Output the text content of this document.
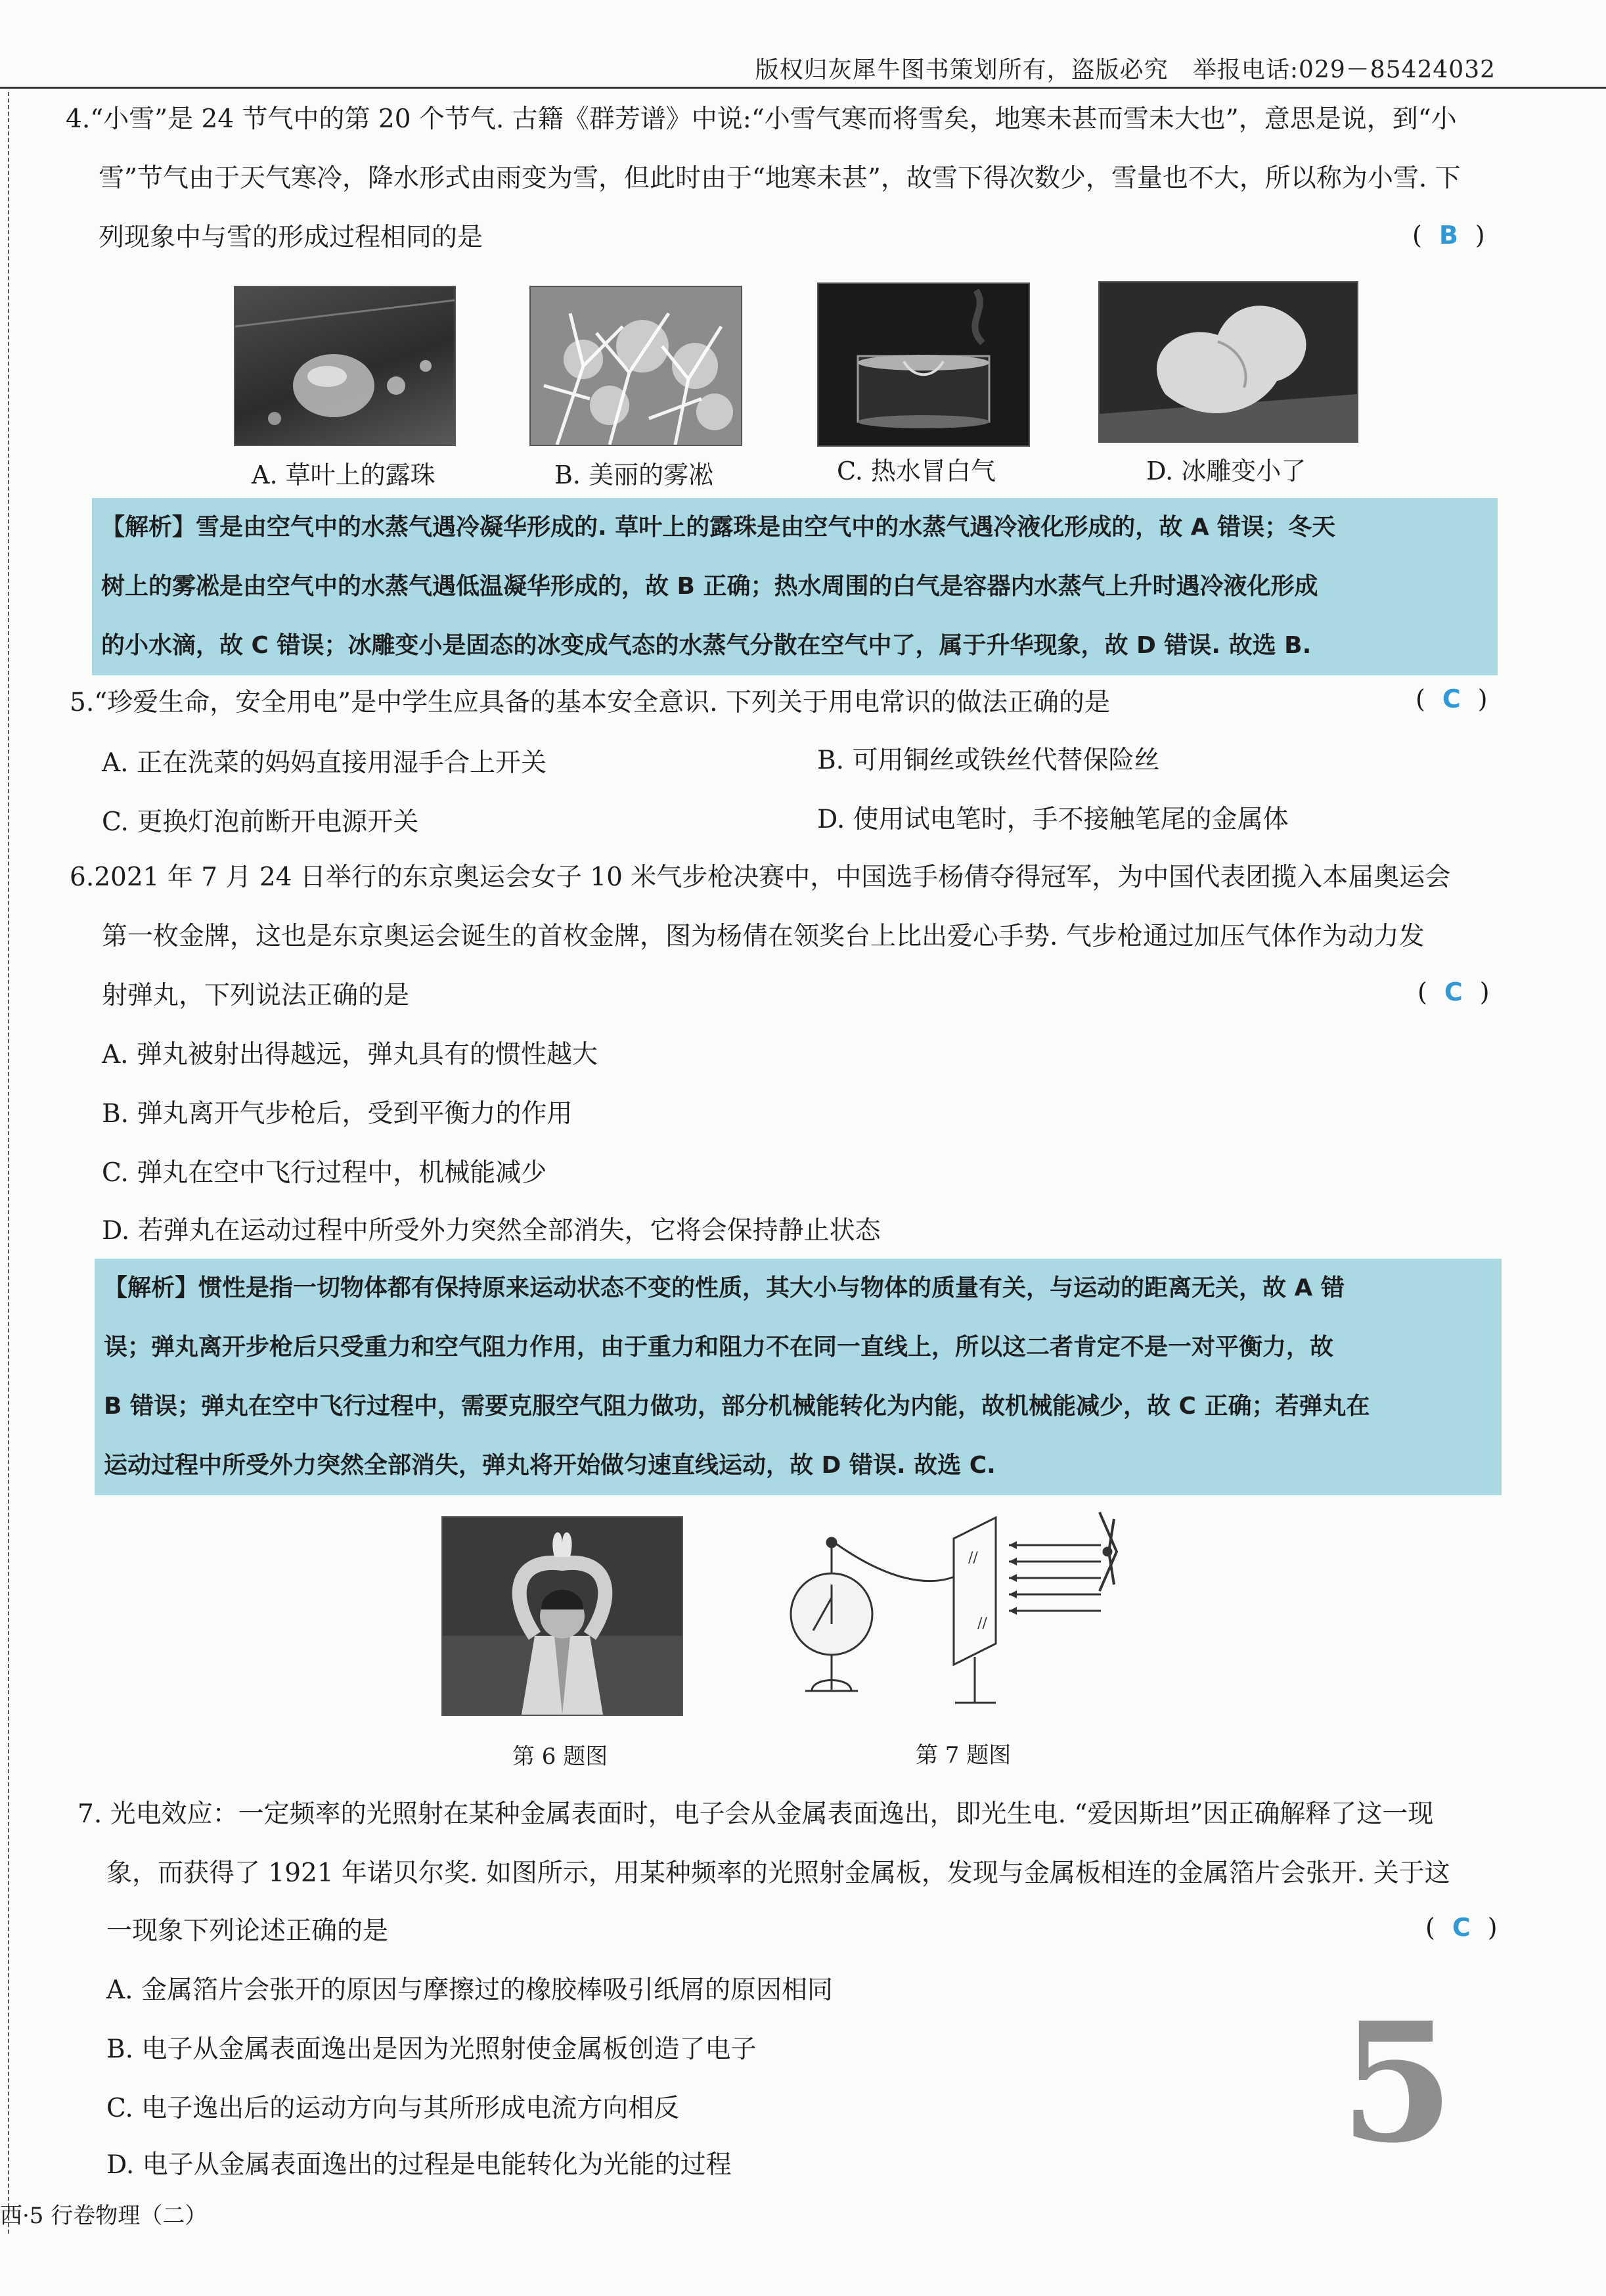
版权归灰犀牛图书策划所有，盗版必究 举报电话:029－85424032
4.“小雪”是 24 节气中的第 20 个节气. 古籍《群芳谱》中说:“小雪气寒而将雪矣，地寒未甚而雪未大也”，意思是说，到“小
雪”节气由于天气寒冷，降水形式由雨变为雪，但此时由于“地寒未甚”，故雪下得次数少，雪量也不大，所以称为小雪. 下
列现象中与雪的形成过程相同的是	( B )
A. 草叶上的露珠	B. 美丽的雾凇	C. 热水冒白气	D. 冰雕变小了
【解析】雪是由空气中的水蒸气遇冷凝华形成的. 草叶上的露珠是由空气中的水蒸气遇冷液化形成的，故 A 错误；冬天
树上的雾凇是由空气中的水蒸气遇低温凝华形成的，故 B 正确；热水周围的白气是容器内水蒸气上升时遇冷液化形成
的小水滴，故 C 错误；冰雕变小是固态的冰变成气态的水蒸气分散在空气中了，属于升华现象，故 D 错误. 故选 B.
5.“珍爱生命，安全用电”是中学生应具备的基本安全意识. 下列关于用电常识的做法正确的是	( C )
A. 正在洗菜的妈妈直接用湿手合上开关	B. 可用铜丝或铁丝代替保险丝
C. 更换灯泡前断开电源开关	D. 使用试电笔时，手不接触笔尾的金属体
6.2021 年 7 月 24 日举行的东京奥运会女子 10 米气步枪决赛中，中国选手杨倩夺得冠军，为中国代表团揽入本届奥运会
第一枚金牌，这也是东京奥运会诞生的首枚金牌，图为杨倩在领奖台上比出爱心手势. 气步枪通过加压气体作为动力发
射弹丸，下列说法正确的是	( C )
A. 弹丸被射出得越远，弹丸具有的惯性越大
B. 弹丸离开气步枪后，受到平衡力的作用
C. 弹丸在空中飞行过程中，机械能减少
D. 若弹丸在运动过程中所受外力突然全部消失，它将会保持静止状态
【解析】惯性是指一切物体都有保持原来运动状态不变的性质，其大小与物体的质量有关，与运动的距离无关，故 A 错
误；弹丸离开步枪后只受重力和空气阻力作用，由于重力和阻力不在同一直线上，所以这二者肯定不是一对平衡力，故
B 错误；弹丸在空中飞行过程中，需要克服空气阻力做功，部分机械能转化为内能，故机械能减少，故 C 正确；若弹丸在
运动过程中所受外力突然全部消失，弹丸将开始做匀速直线运动，故 D 错误. 故选 C.
//
//
第 6 题图	第 7 题图
7. 光电效应：一定频率的光照射在某种金属表面时，电子会从金属表面逸出，即光生电. “爱因斯坦”因正确解释了这一现
象，而获得了 1921 年诺贝尔奖. 如图所示，用某种频率的光照射金属板，发现与金属板相连的金属箔片会张开. 关于这
一现象下列论述正确的是	( C )
A. 金属箔片会张开的原因与摩擦过的橡胶棒吸引纸屑的原因相同
B. 电子从金属表面逸出是因为光照射使金属板创造了电子
C. 电子逸出后的运动方向与其所形成电流方向相反
D. 电子从金属表面逸出的过程是电能转化为光能的过程	5
西·5 行卷物理（二）
